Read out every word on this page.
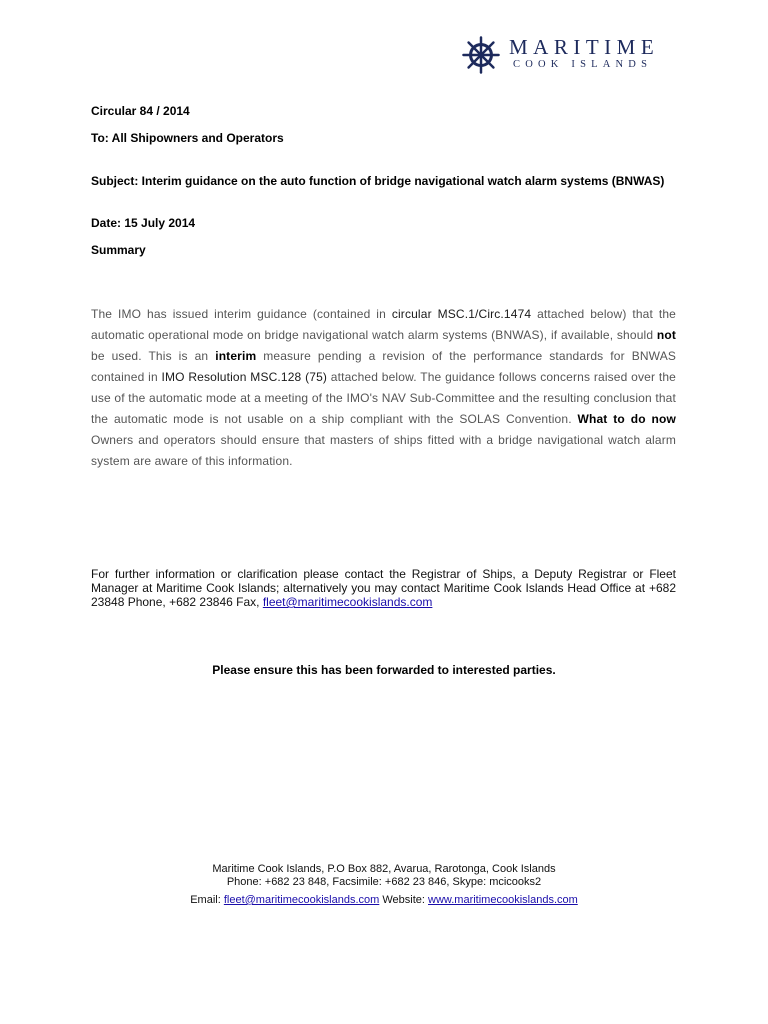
MARITIME
COOK ISLANDS
Circular 84 / 2014
To: All Shipowners and Operators
Subject: Interim guidance on the auto function of bridge navigational watch alarm systems (BNWAS)
Date: 15 July 2014
Summary
The IMO has issued interim guidance (contained in circular MSC.1/Circ.1474 attached below) that the automatic operational mode on bridge navigational watch alarm systems (BNWAS), if available, should not be used. This is an interim measure pending a revision of the performance standards for BNWAS contained in IMO Resolution MSC.128 (75) attached below. The guidance follows concerns raised over the use of the automatic mode at a meeting of the IMO's NAV Sub-Committee and the resulting conclusion that the automatic mode is not usable on a ship compliant with the SOLAS Convention. What to do now Owners and operators should ensure that masters of ships fitted with a bridge navigational watch alarm system are aware of this information.
For further information or clarification please contact the Registrar of Ships, a Deputy Registrar or Fleet Manager at Maritime Cook Islands; alternatively you may contact Maritime Cook Islands Head Office at +682 23848 Phone, +682 23846 Fax, fleet@maritimecookislands.com
Please ensure this has been forwarded to interested parties.
Maritime Cook Islands, P.O Box 882, Avarua, Rarotonga, Cook Islands
Phone: +682 23 848, Facsimile: +682 23 846, Skype: mcicooks2
Email: fleet@maritimecookislands.com Website: www.maritimecookislands.com
